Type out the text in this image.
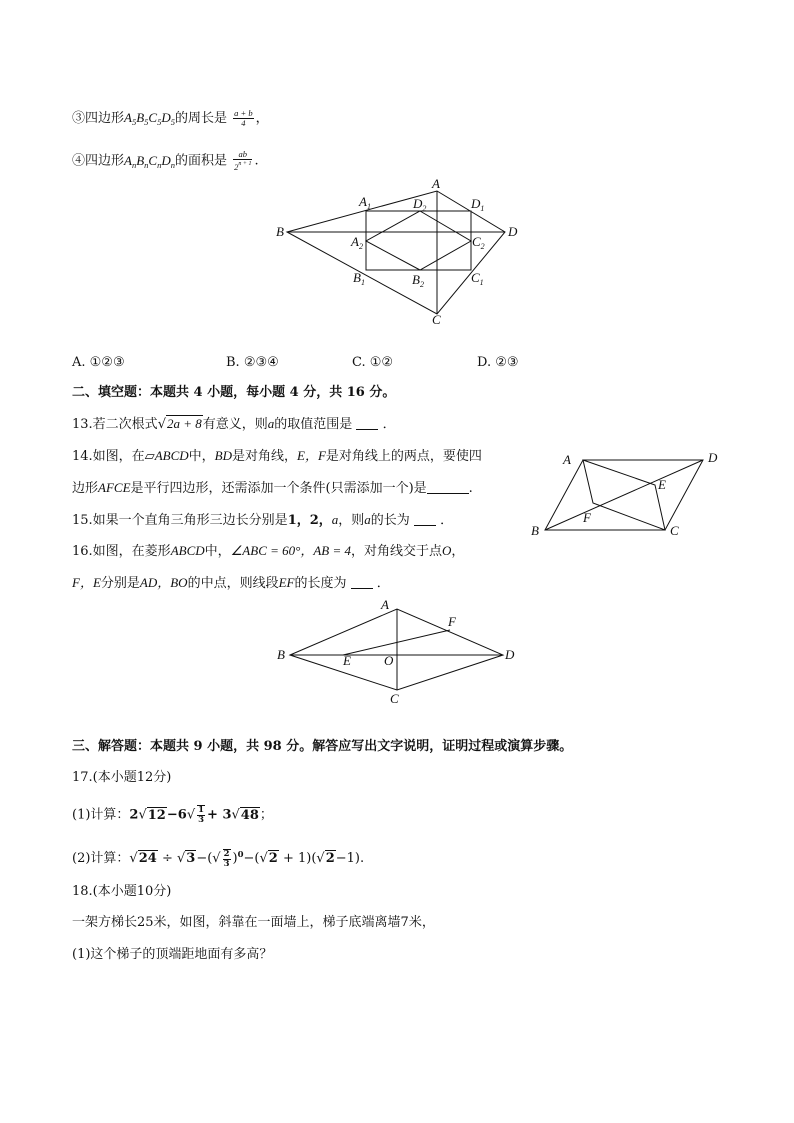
③四边形$A_5B_5C_5D_5$的周长是 $\frac{a + b}{4}$ ，
④四边形$A_nB_nC_nD_n$的面积是 $\frac{ab}{2^{n + 1}}$ .
B
A
D
C
$A_1$	$D_2$	$D_1$
$A_2$	$C_2$
$B_1$	$B_2$	$C_1$
A	D
E
F
B	C
A
F
B	E	O	D
C
A. ①②③	B. ②③④	C. ①②	D. ②③
二、填空题：本题共 4 小题，每小题 4 分，共 16 分。
13.若二次根式√2a + 8有意义，则a的取值范围是 ．
14.如图，在▱ABCD中，BD是对角线，E，F是对角线上的两点，要使四
边形AFCE是平行四边形，还需添加一个条件(只需添加一个)是	.
15.如果一个直角三角形三边长分别是1，2，a，则a的长为 ．
16.如图，在菱形ABCD中，∠ABC = 60°，AB = 4，对角线交于点O，
F，E分别是AD，BO的中点，则线段EF的长度为 ．
三、解答题：本题共 9 小题，共 98 分。解答应写出文字说明，证明过程或演算步骤。
17.(本小题12分)
(1)计算：$2√12-6√ \frac{1}{3} + 3√48$；
(2)计算：$√24 \div √3-(√ \frac{2}{3} )^0-(√2 + 1)(√2-1)$.
18.(本小题10分)
一架方梯长25米，如图，斜靠在一面墙上，梯子底端离墙7米，
(1)这个梯子的顶端距地面有多高？
